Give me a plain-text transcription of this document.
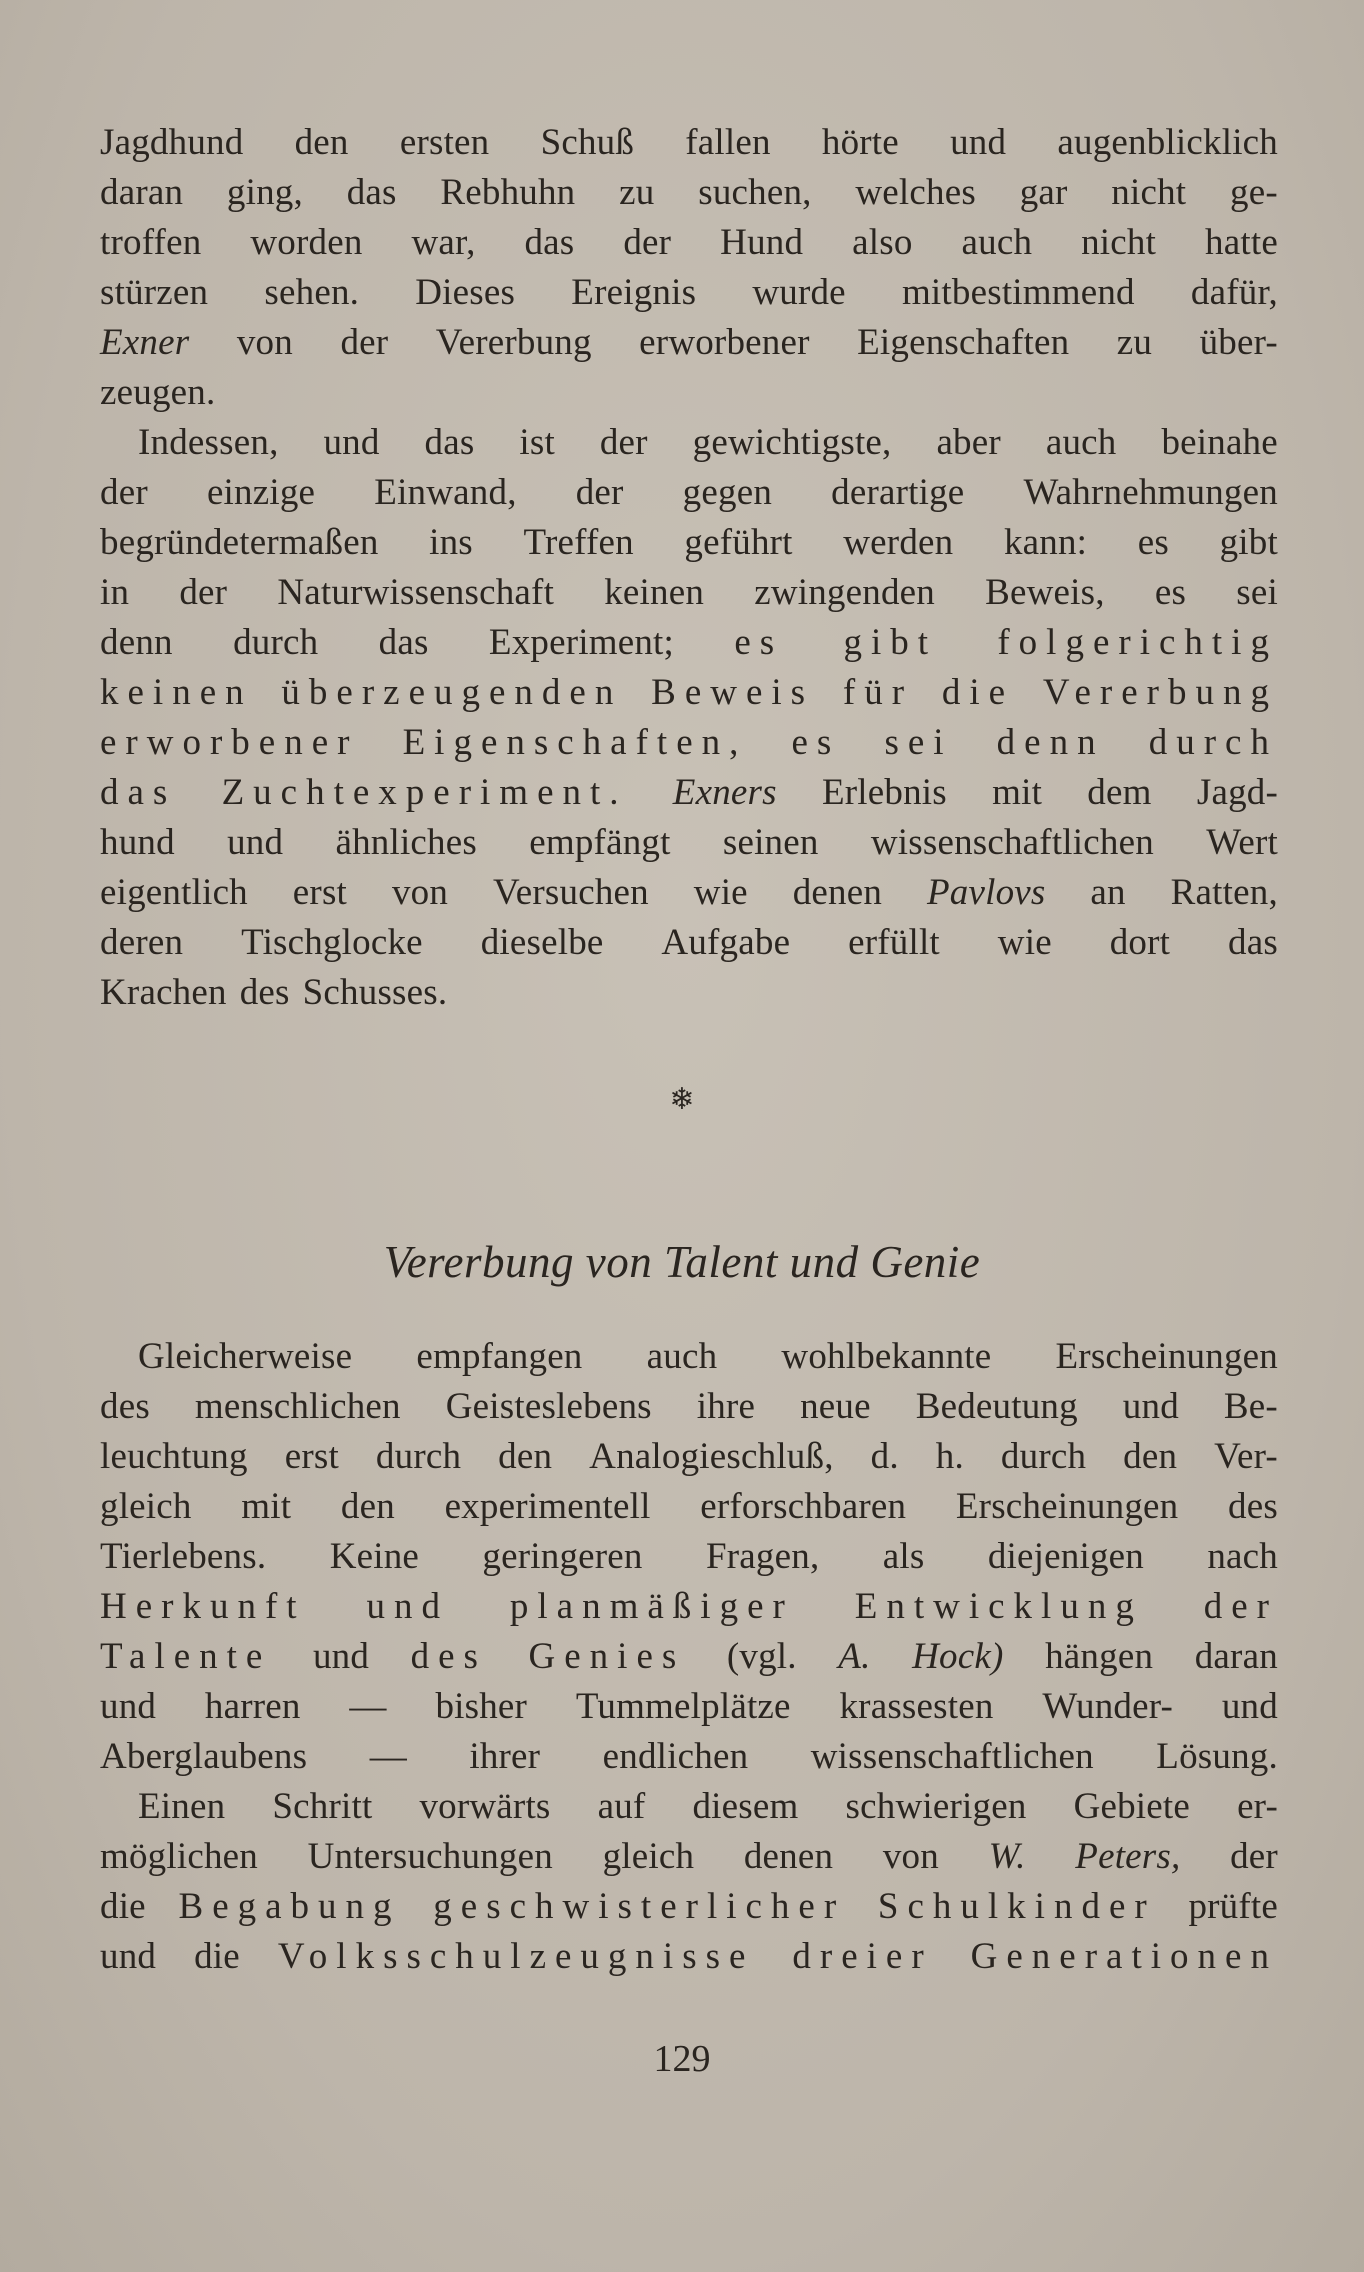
Jagdhund den ersten Schuß fallen hörte und augenblicklich
daran ging, das Rebhuhn zu suchen, welches gar nicht ge-
troffen worden war, das der Hund also auch nicht hatte
stürzen sehen. Dieses Ereignis wurde mitbestimmend dafür,
Exner von der Vererbung erworbener Eigenschaften zu über-
zeugen.
Indessen, und das ist der gewichtigste, aber auch beinahe
der einzige Einwand, der gegen derartige Wahrnehmungen
begründetermaßen ins Treffen geführt werden kann: es gibt
in der Naturwissenschaft keinen zwingenden Beweis, es sei
denn durch das Experiment; es gibt folgerichtig
keinen überzeugenden Beweis für die Vererbung
erworbener Eigenschaften, es sei denn durch
das Zuchtexperiment. Exners Erlebnis mit dem Jagd-
hund und ähnliches empfängt seinen wissenschaftlichen Wert
eigentlich erst von Versuchen wie denen Pavlovs an Ratten,
deren Tischglocke dieselbe Aufgabe erfüllt wie dort das
Krachen des Schusses.
❄
Vererbung von Talent und Genie
Gleicherweise empfangen auch wohlbekannte Erscheinungen
des menschlichen Geisteslebens ihre neue Bedeutung und Be-
leuchtung erst durch den Analogieschluß, d. h. durch den Ver-
gleich mit den experimentell erforschbaren Erscheinungen des
Tierlebens. Keine geringeren Fragen, als diejenigen nach
Herkunft und planmäßiger Entwicklung der
Talente und des Genies (vgl. A. Hock) hängen daran
und harren — bisher Tummelplätze krassesten Wunder- und
Aberglaubens — ihrer endlichen wissenschaftlichen Lösung.
Einen Schritt vorwärts auf diesem schwierigen Gebiete er-
möglichen Untersuchungen gleich denen von W. Peters, der
die Begabung geschwisterlicher Schulkinder prüfte
und die Volksschulzeugnisse dreier Generationen
129
